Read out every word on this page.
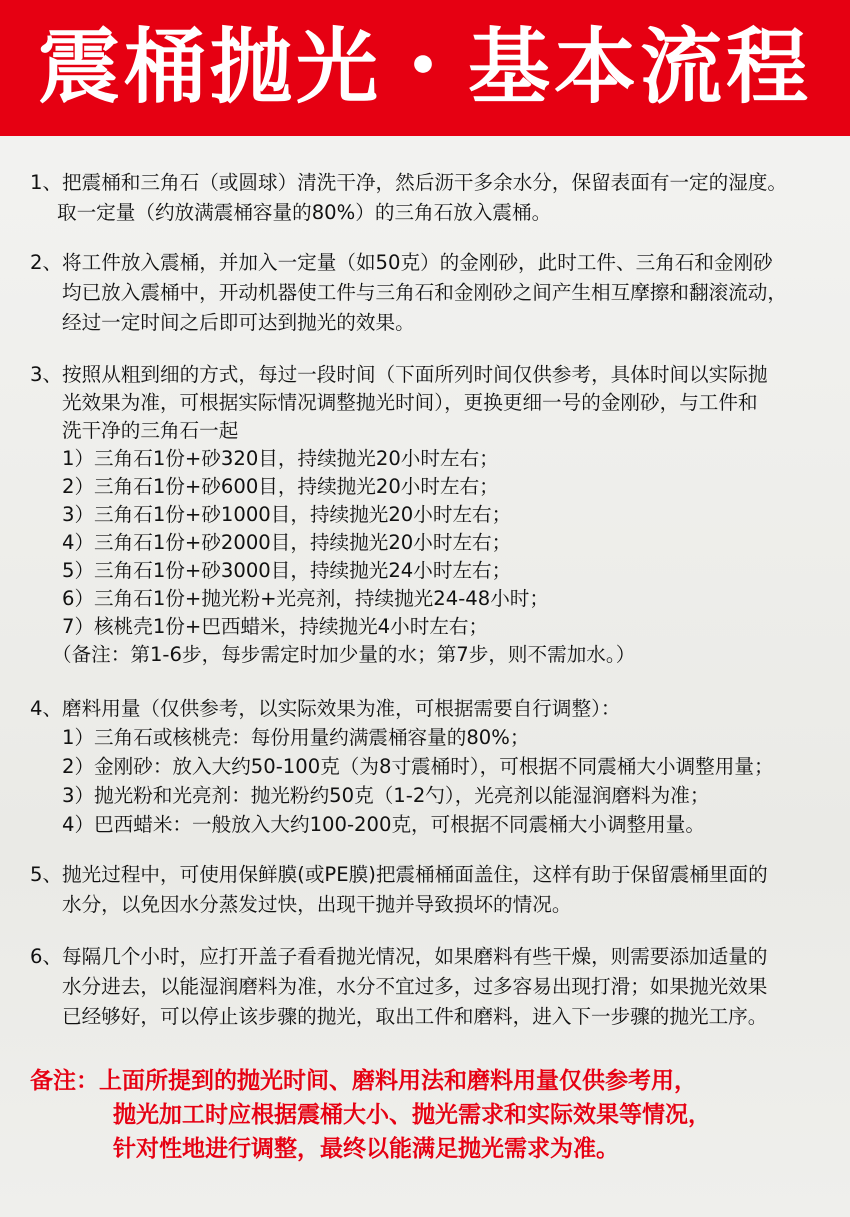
震桶抛光・基本流程
1、把震桶和三角石（或圆球）清洗干净，然后沥干多余水分，保留表面有一定的湿度。
取一定量（约放满震桶容量的80%）的三角石放入震桶。
2、将工件放入震桶，并加入一定量（如50克）的金刚砂，此时工件、三角石和金刚砂
均已放入震桶中，开动机器使工件与三角石和金刚砂之间产生相互摩擦和翻滚流动，
经过一定时间之后即可达到抛光的效果。
3、按照从粗到细的方式，每过一段时间（下面所列时间仅供参考，具体时间以实际抛
光效果为准，可根据实际情况调整抛光时间），更换更细一号的金刚砂，与工件和
洗干净的三角石一起
1）三角石1份+砂320目，持续抛光20小时左右；
2）三角石1份+砂600目，持续抛光20小时左右；
3）三角石1份+砂1000目，持续抛光20小时左右；
4）三角石1份+砂2000目，持续抛光20小时左右；
5）三角石1份+砂3000目，持续抛光24小时左右；
6）三角石1份+抛光粉+光亮剂，持续抛光24-48小时；
7）核桃壳1份+巴西蜡米，持续抛光4小时左右；
（备注：第1-6步，每步需定时加少量的水；第7步，则不需加水。）
4、磨料用量（仅供参考，以实际效果为准，可根据需要自行调整）：
1）三角石或核桃壳：每份用量约满震桶容量的80%；
2）金刚砂：放入大约50-100克（为8寸震桶时），可根据不同震桶大小调整用量；
3）抛光粉和光亮剂：抛光粉约50克（1-2勺），光亮剂以能湿润磨料为准；
4）巴西蜡米：一般放入大约100-200克，可根据不同震桶大小调整用量。
5、抛光过程中，可使用保鲜膜(或PE膜)把震桶桶面盖住，这样有助于保留震桶里面的
水分，以免因水分蒸发过快，出现干抛并导致损坏的情况。
6、每隔几个小时，应打开盖子看看抛光情况，如果磨料有些干燥，则需要添加适量的
水分进去，以能湿润磨料为准，水分不宜过多，过多容易出现打滑；如果抛光效果
已经够好，可以停止该步骤的抛光，取出工件和磨料，进入下一步骤的抛光工序。
备注：上面所提到的抛光时间、磨料用法和磨料用量仅供参考用，
抛光加工时应根据震桶大小、抛光需求和实际效果等情况，
针对性地进行调整，最终以能满足抛光需求为准。
